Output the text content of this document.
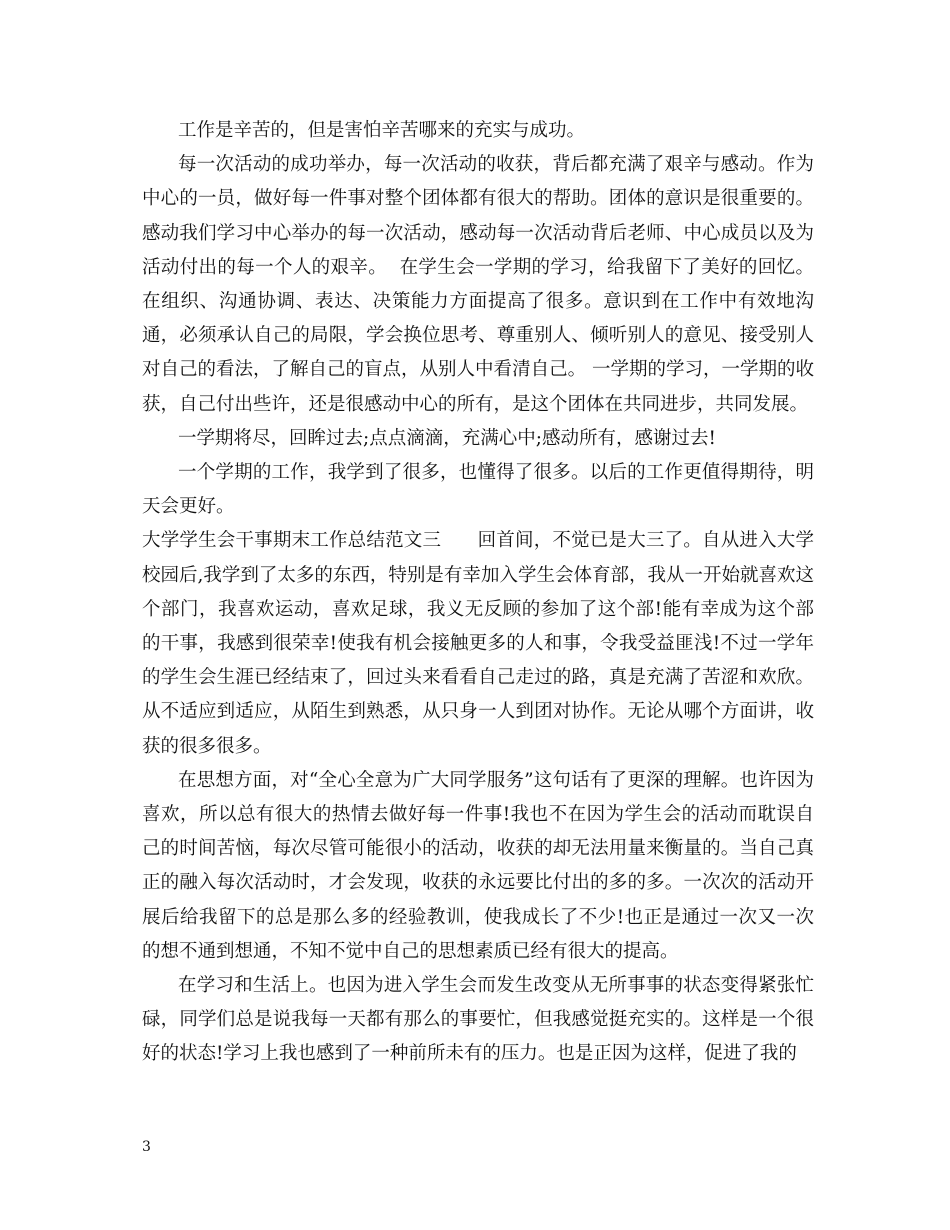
工作是辛苦的，但是害怕辛苦哪来的充实与成功。

每一次活动的成功举办，每一次活动的收获，背后都充满了艰辛与感动。作为中心的一员，做好每一件事对整个团体都有很大的帮助。团体的意识是很重要的。感动我们学习中心举办的每一次活动，感动每一次活动背后老师、中心成员以及为活动付出的每一个人的艰辛。  在学生会一学期的学习，给我留下了美好的回忆。在组织、沟通协调、表达、决策能力方面提高了很多。意识到在工作中有效地沟通，必须承认自己的局限，学会换位思考、尊重别人、倾听别人的意见、接受别人对自己的看法，了解自己的盲点，从别人中看清自己。 一学期的学习，一学期的收获，自己付出些许，还是很感动中心的所有，是这个团体在共同进步，共同发展。

一学期将尽，回眸过去;点点滴滴，充满心中;感动所有，感谢过去!

一个学期的工作，我学到了很多，也懂得了很多。以后的工作更值得期待，明天会更好。

大学学生会干事期末工作总结范文三      回首间，不觉已是大三了。自从进入大学校园后,我学到了太多的东西，特别是有幸加入学生会体育部，我从一开始就喜欢这个部门，我喜欢运动，喜欢足球，我义无反顾的参加了这个部!能有幸成为这个部的干事，我感到很荣幸!使我有机会接触更多的人和事，令我受益匪浅!不过一学年的学生会生涯已经结束了，回过头来看看自己走过的路，真是充满了苦涩和欢欣。从不适应到适应，从陌生到熟悉，从只身一人到团对协作。无论从哪个方面讲，收获的很多很多。

在思想方面，对“全心全意为广大同学服务”这句话有了更深的理解。也许因为喜欢，所以总有很大的热情去做好每一件事!我也不在因为学生会的活动而耽误自己的时间苦恼，每次尽管可能很小的活动，收获的却无法用量来衡量的。当自己真正的融入每次活动时，才会发现，收获的永远要比付出的多的多。一次次的活动开展后给我留下的总是那么多的经验教训，使我成长了不少!也正是通过一次又一次的想不通到想通，不知不觉中自己的思想素质已经有很大的提高。

在学习和生活上。也因为进入学生会而发生改变从无所事事的状态变得紧张忙碌，同学们总是说我每一天都有那么的事要忙，但我感觉挺充实的。这样是一个很好的状态!学习上我也感到了一种前所未有的压力。也是正因为这样，促进了我的

3
